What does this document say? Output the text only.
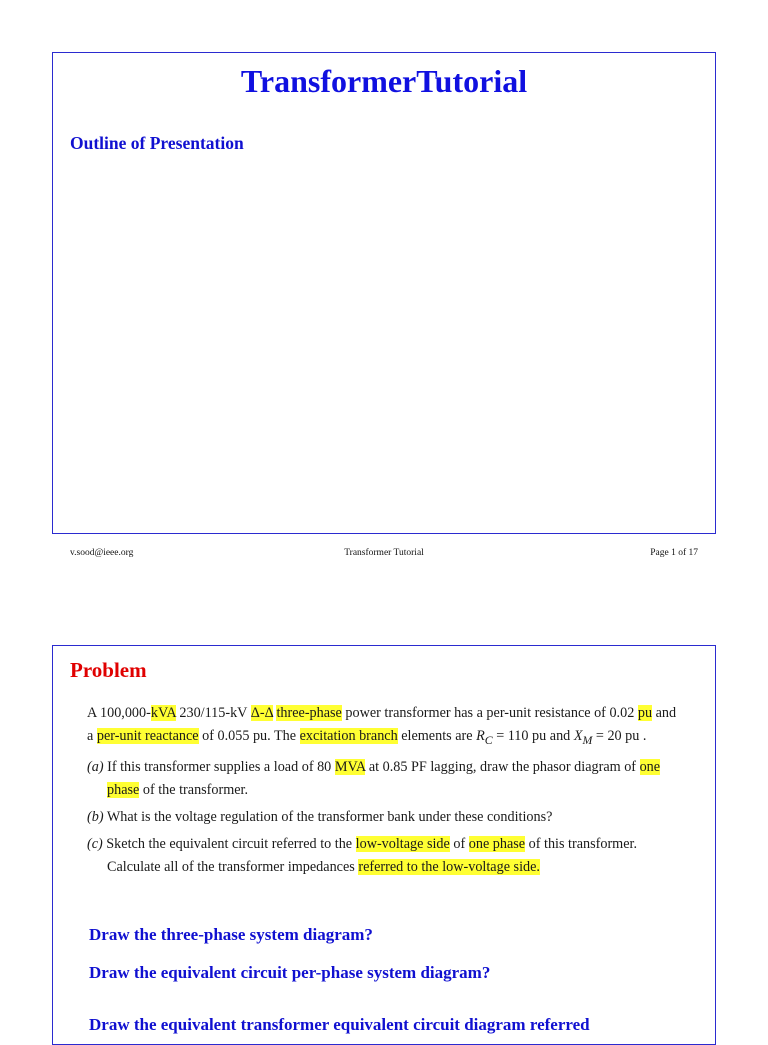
TransformerTutorial
Outline of Presentation
v.sood@ieee.org	Transformer Tutorial	Page 1 of 17
Problem

A 100,000-kVA 230/115-kV Δ-Δ three-phase power transformer has a per-unit resistance of 0.02 pu and a per-unit reactance of 0.055 pu. The excitation branch elements are $R_C = 110$ pu and $X_M = 20$ pu .

(a) If this transformer supplies a load of 80 MVA at 0.85 PF lagging, draw the phasor diagram of one phase of the transformer.

(b) What is the voltage regulation of the transformer bank under these conditions?

(c) Sketch the equivalent circuit referred to the low-voltage side of one phase of this transformer. Calculate all of the transformer impedances referred to the low-voltage side.

Draw the three-phase system diagram?
Draw the equivalent circuit per-phase system diagram?
Draw the equivalent transformer equivalent circuit diagram referred
